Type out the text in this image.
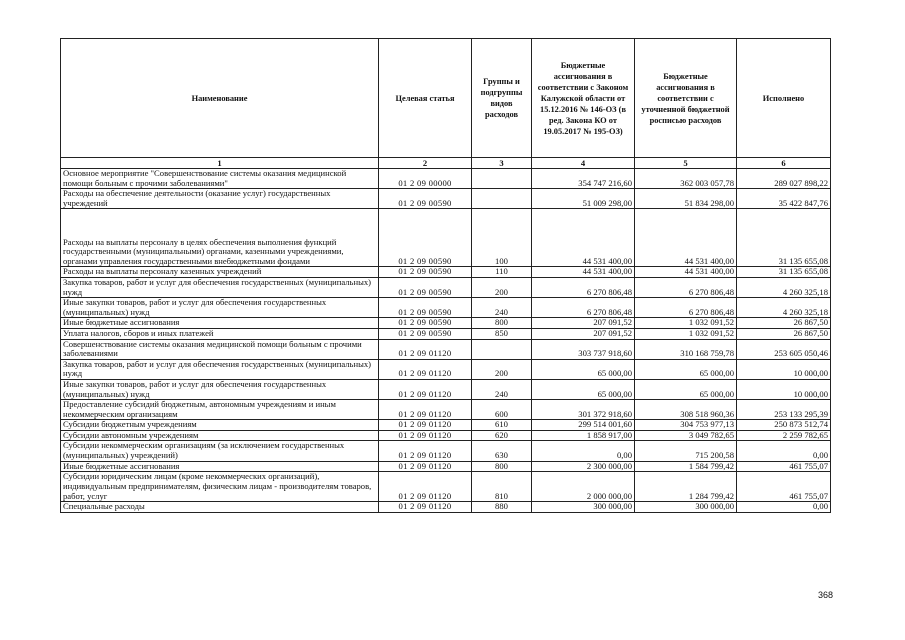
Наименование	Целевая статья	Группы и подгруппы видов расходов	Бюджетные ассигнования в соответствии с Законом Калужской области от 15.12.2016 № 146-ОЗ (в ред. Закона КО от 19.05.2017 № 195-ОЗ)	Бюджетные ассигнования в соответствии с уточненной бюджетной росписью расходов	Исполнено
1	2	3	4	5	6
Основное мероприятие "Совершенствование системы оказания медицинской помощи больным с прочими заболеваниями"	01 2 09 00000		354 747 216,60	362 003 057,78	289 027 898,22
Расходы на обеспечение деятельности (оказание услуг) государственных учреждений	01 2 09 00590		51 009 298,00	51 834 298,00	35 422 847,76
Расходы на выплаты персоналу в целях обеспечения выполнения функций государственными (муниципальными) органами, казенными учреждениями, органами управления государственными внебюджетными фондами	01 2 09 00590	100	44 531 400,00	44 531 400,00	31 135 655,08
Расходы на выплаты персоналу казенных учреждений	01 2 09 00590	110	44 531 400,00	44 531 400,00	31 135 655,08
Закупка товаров, работ и услуг для обеспечения государственных (муниципальных) нужд	01 2 09 00590	200	6 270 806,48	6 270 806,48	4 260 325,18
Иные закупки товаров, работ и услуг для обеспечения государственных (муниципальных) нужд	01 2 09 00590	240	6 270 806,48	6 270 806,48	4 260 325,18
Иные бюджетные ассигнования	01 2 09 00590	800	207 091,52	1 032 091,52	26 867,50
Уплата налогов, сборов и иных платежей	01 2 09 00590	850	207 091,52	1 032 091,52	26 867,50
Совершенствование системы оказания медицинской помощи больным с прочими заболеваниями	01 2 09 01120		303 737 918,60	310 168 759,78	253 605 050,46
Закупка товаров, работ и услуг для обеспечения государственных (муниципальных) нужд	01 2 09 01120	200	65 000,00	65 000,00	10 000,00
Иные закупки товаров, работ и услуг для обеспечения государственных (муниципальных) нужд	01 2 09 01120	240	65 000,00	65 000,00	10 000,00
Предоставление субсидий бюджетным, автономным учреждениям и иным некоммерческим организациям	01 2 09 01120	600	301 372 918,60	308 518 960,36	253 133 295,39
Субсидии бюджетным учреждениям	01 2 09 01120	610	299 514 001,60	304 753 977,13	250 873 512,74
Субсидии автономным учреждениям	01 2 09 01120	620	1 858 917,00	3 049 782,65	2 259 782,65
Субсидии некоммерческим организациям (за исключением государственных (муниципальных) учреждений)	01 2 09 01120	630	0,00	715 200,58	0,00
Иные бюджетные ассигнования	01 2 09 01120	800	2 300 000,00	1 584 799,42	461 755,07
Субсидии юридическим лицам (кроме некоммерческих организаций), индивидуальным предпринимателям, физическим лицам - производителям товаров, работ, услуг	01 2 09 01120	810	2 000 000,00	1 284 799,42	461 755,07
Специальные расходы	01 2 09 01120	880	300 000,00	300 000,00	0,00
368
